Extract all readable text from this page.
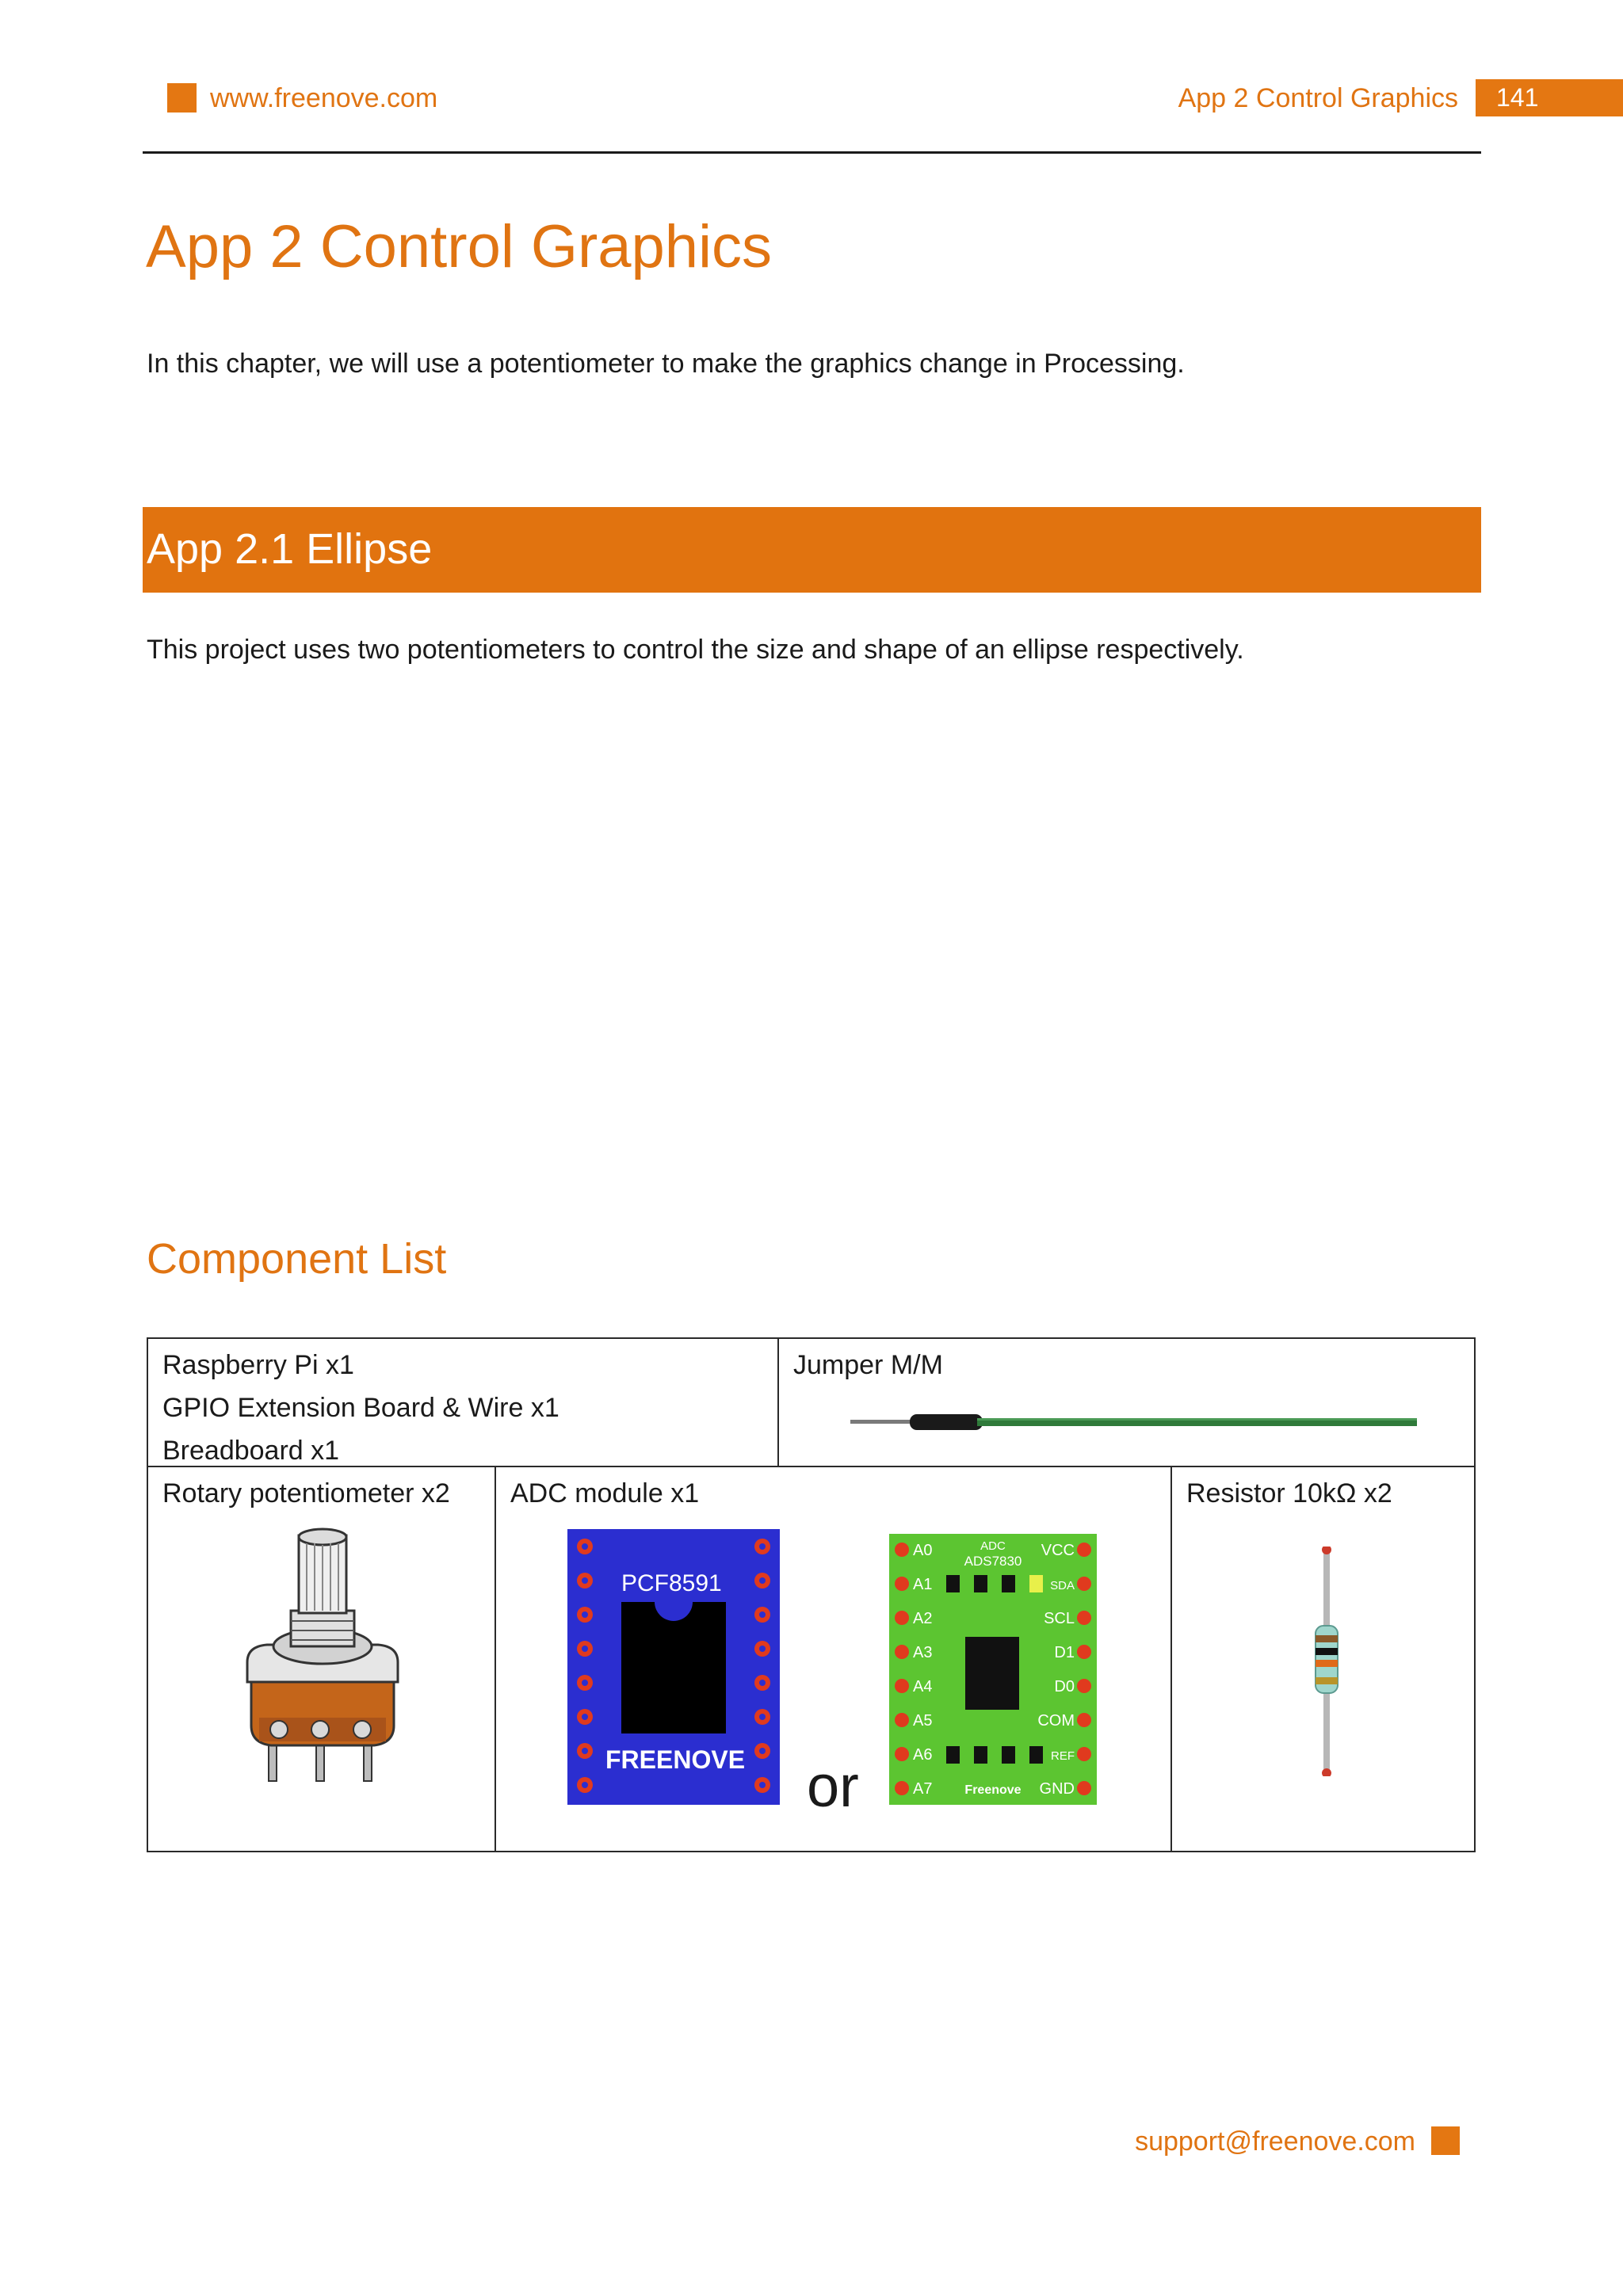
www.freenove.com	App 2 Control Graphics	141
App 2 Control Graphics
In this chapter, we will use a potentiometer to make the graphics change in Processing.
App 2.1 Ellipse
This project uses two potentiometers to control the size and shape of an ellipse respectively.
Component List
Raspberry Pi x1
GPIO Extension Board & Wire x1
Breadboard x1
Jumper M/M
Rotary potentiometer x2 ADC module x1
PCF8591
FREENOVE
A0
A1
A2
A3
A4
A5
A6
A7
VCC
SDA
SCL
D1
D0
COM
REF
GND
ADC
ADS7830
Freenove
Resistor 10kΩ x2
or
support@freenove.com
